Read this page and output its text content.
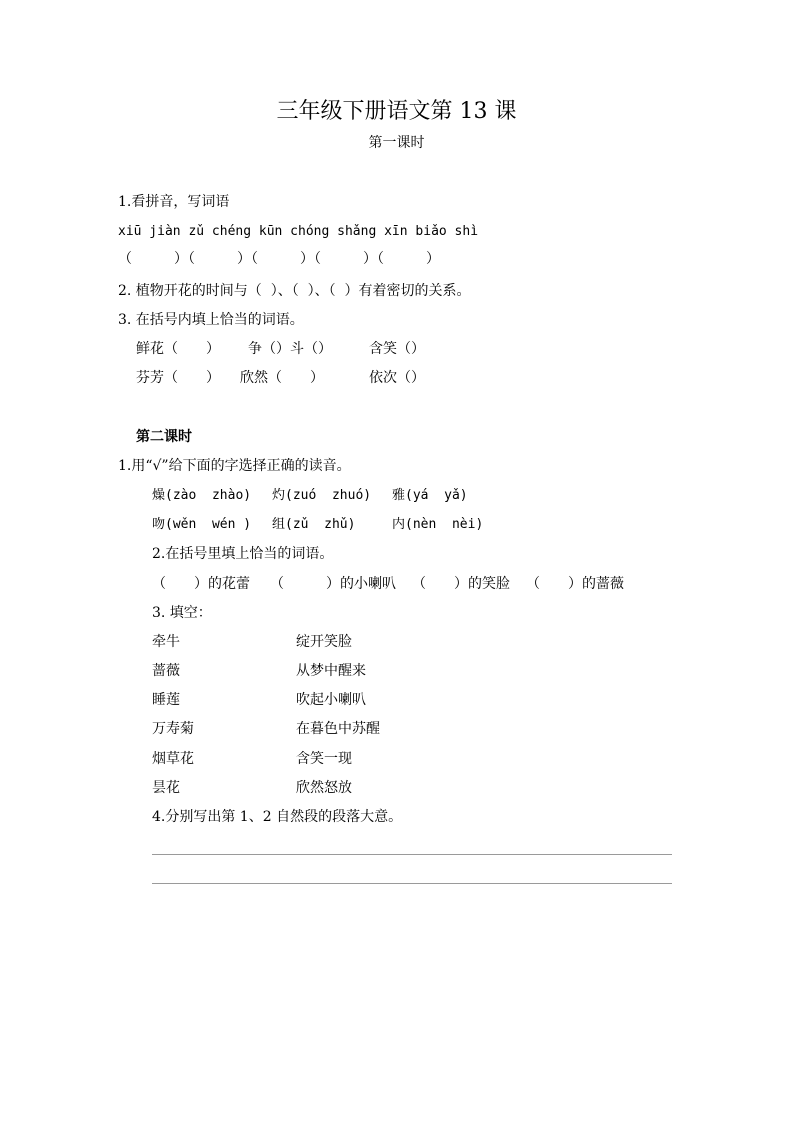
三年级下册语文第 13 课
第一课时
1.看拼音，写词语
xiū jiàn zǔ chéng kūn chóng shǎng xīn biǎo shì
（　　　）（　　　）（　　　）（　　　）（　　　）
2. 植物开花的时间与（  ）、（  ）、（  ）有着密切的关系。
3. 在括号内填上恰当的词语。
鲜花（　　） 争（）斗（）	含笑（）
芬芳（　　） 欣然（　　）	依次（）
第二课时
1.用“√”给下面的字选择正确的读音。
燥(zào  zhào) 灼(zuó  zhuó) 雅(yá  yǎ)
吻(wěn  wén ) 组(zǔ  zhǔ)	内(nèn  nèi)
2.在括号里填上恰当的词语。
（　　）的花蕾 （　　　）的小喇叭 （　　）的笑脸 （　　）的蔷薇
3. 填空：
牵牛	绽开笑脸
蔷薇	从梦中醒来
睡莲	吹起小喇叭
万寿菊	在暮色中苏醒
烟草花	含笑一现
昙花	欣然怒放
4.分别写出第 1、2 自然段的段落大意。
